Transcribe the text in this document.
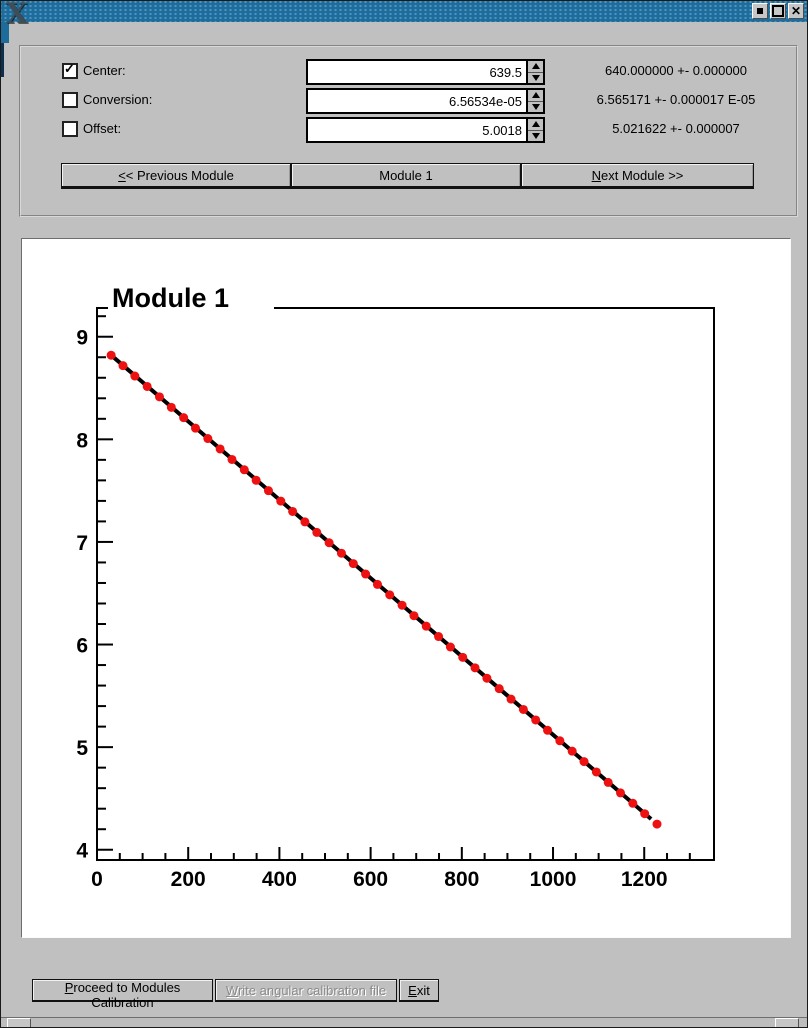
X	✕
✓ Center:
639.5	640.000000 +- 0.000000
Conversion:
6.56534e-05	6.565171 +- 0.000017 E-05
Offset:
5.0018	5.021622 +- 0.000007
<< Previous Module	Module 1	Next Module >>
0	200	400	600	800 1000 1200
4
5
6
7
8
9
Module 1
Proceed to Modules Calibration
Write angular calibration file	Exit
